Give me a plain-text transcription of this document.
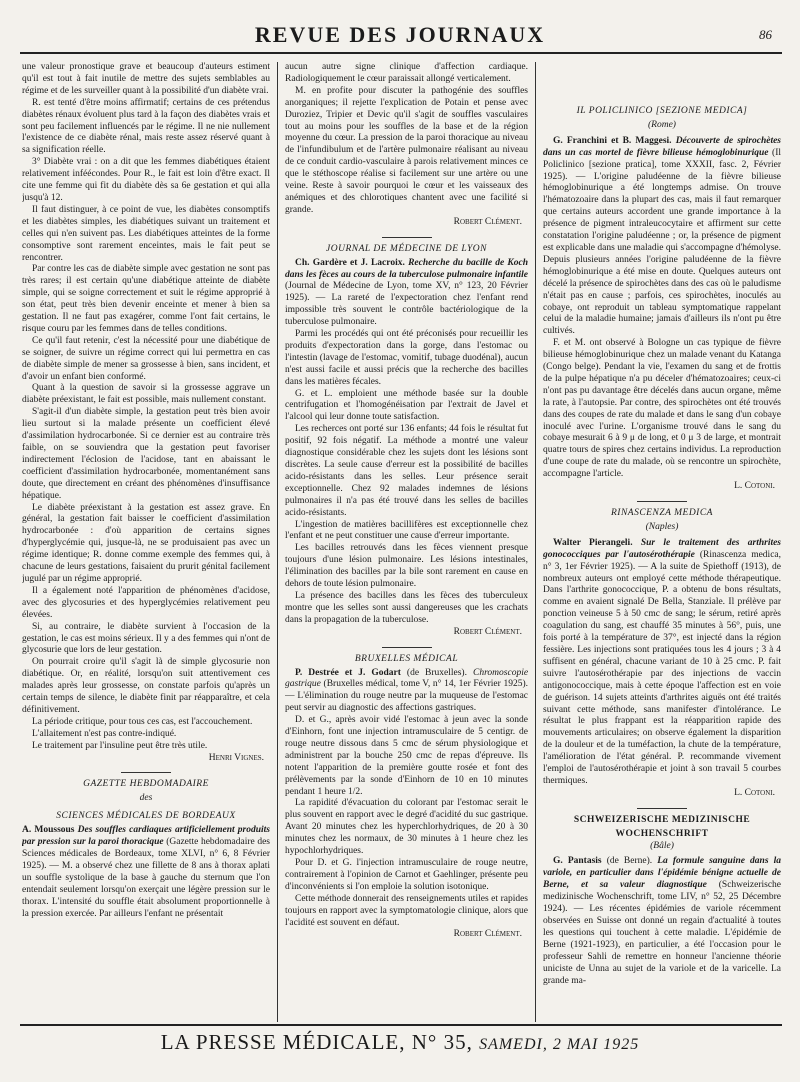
REVUE DES JOURNAUX	86

une valeur pronostique grave et beaucoup d'auteurs estiment qu'il est tout à fait inutile de mettre des sujets semblables au régime et de les surveiller quant à la possibilité d'un diabète vrai.

R. est tenté d'être moins affirmatif; certains de ces prétendus diabètes rénaux évoluent plus tard à la façon des diabètes vrais et sont peu facilement influencés par le régime. Il ne nie nullement l'existence de ce diabète rénal, mais reste assez réservé quant à sa signification réelle.

3° Diabète vrai : on a dit que les femmes diabétiques étaient relativement inféécondes. Pour R., le fait est loin d'être exact. Il cite une femme qui fit du diabète dès sa 6e gestation et qui alla jusqu'à 12.

Il faut distinguer, à ce point de vue, les diabètes consomptifs et les diabètes simples, les diabétiques suivant un traitement et celles qui n'en suivent pas. Les diabétiques atteintes de la forme consomptive sont rarement enceintes, mais le fait peut se rencontrer.

Par contre les cas de diabète simple avec gestation ne sont pas très rares; il est certain qu'une diabétique atteinte de diabète simple, qui se soigne correctement et suit le régime approprié à son état, peut très bien devenir enceinte et mener à bien sa gestation. Il ne faut pas exagérer, comme l'ont fait certains, le risque couru par les femmes dans de telles conditions.

Ce qu'il faut retenir, c'est la nécessité pour une diabétique de se soigner, de suivre un régime correct qui lui permettra en cas de diabète simple de mener sa grossesse à bien, sans incident, et d'avoir un enfant bien conformé.

Quant à la question de savoir si la grossesse aggrave un diabète préexistant, le fait est possible, mais nullement constant.

S'agit-il d'un diabète simple, la gestation peut très bien avoir lieu surtout si la malade présente un coefficient élevé d'assimilation hydrocarbonée. Si ce dernier est au contraire très faible, on se souviendra que la gestation peut favoriser indirectement l'éclosion de l'acidose, tant en abaissant le coefficient d'assimilation hydrocarbonée, momentanément sans doute, que directement en créant des phénomènes d'insuffisance hépatique.

Le diabète préexistant à la gestation est assez grave. En général, la gestation fait baisser le coefficient d'assimilation hydrocarbonée : d'où apparition de certains signes d'hyperglycémie qui, jusque-là, ne se produisaient pas avec un régime identique; R. donne comme exemple des femmes qui, à chacune de leurs gestations, faisaient du prurit génital facilement jugulé par un régime approprié.

Il a également noté l'apparition de phénomènes d'acidose, avec des glycosuries et des hyperglycémies relativement peu élevées.

Si, au contraire, le diabète survient à l'occasion de la gestation, le cas est moins sérieux. Il y a des femmes qui n'ont de glycosurie que lors de leur gestation.

On pourrait croire qu'il s'agit là de simple glycosurie non diabétique. Or, en réalité, lorsqu'on suit attentivement ces malades après leur grossesse, on constate parfois qu'après un certain temps de silence, le diabète finit par réapparaître, et cela définitivement.

La période critique, pour tous ces cas, est l'accouchement.

L'allaitement n'est pas contre-indiqué.

Le traitement par l'insuline peut être très utile.

Henri Vignes.
GAZETTE HEBDOMADAIRE
des
SCIENCES MÉDICALES DE BORDEAUX

A. Moussous Des souffles cardiaques artificiellement produits par pression sur la paroi thoracique (Gazette hebdomadaire des Sciences médicales de Bordeaux, tome XLVI, n° 6, 8 Février 1925). — M. a observé chez une fillette de 8 ans à thorax aplati un souffle systolique de la base à gauche du sternum que l'on entendait seulement lorsqu'on exerçait une légère pression sur le thorax. L'intensité du souffle était absolument proportionnelle à la pression exercée. Par ailleurs l'enfant ne présentait

aucun autre signe clinique d'affection cardiaque. Radiologiquement le cœur paraissait allongé verticalement.

M. en profite pour discuter la pathogénie des souffles anorganiques; il rejette l'explication de Potain et pense avec Duroziez, Tripier et Devic qu'il s'agit de souffles vasculaires tout au moins pour les souffles de la base et de la région moyenne du cœur. La pression de la paroi thoracique au niveau de l'infundibulum et de l'artère pulmonaire réalisant au niveau de ce conduit cardio-vasculaire à parois relativement minces ce que le stéthoscope réalise si facilement sur une artère ou une veine. Reste à savoir pourquoi le cœur et les vaisseaux des anémiques et des chlorotiques chantent avec une facilité si grande.

Robert Clément.
JOURNAL DE MÉDECINE DE LYON

Ch. Gardère et J. Lacroix. Recherche du bacille de Koch dans les fèces au cours de la tuberculose pulmonaire infantile (Journal de Médecine de Lyon, tome XV, n° 123, 20 Février 1925). — La rareté de l'expectoration chez l'enfant rend impossible très souvent le contrôle bactériologique de la tuberculose pulmonaire.

Parmi les procédés qui ont été préconisés pour recueillir les produits d'expectoration dans la gorge, dans l'estomac ou l'intestin (lavage de l'estomac, vomitif, tubage duodénal), aucun n'est aussi facile et aussi précis que la recherche des bacilles dans les matières fécales.

G. et L. emploient une méthode basée sur la double centrifugation et l'homogénéisation par l'extrait de Javel et l'alcool qui leur donne toute satisfaction.

Les recherces ont porté sur 136 enfants; 44 fois le résultat fut positif, 92 fois négatif. La méthode a montré une valeur diagnostique considérable chez les sujets dont les lésions sont discrètes. La seule cause d'erreur est la possibilité de bacilles acido-résistants dans les selles. Leur présence serait exceptionnelle. Chez 92 malades indemnes de lésions pulmonaires il n'a pas été trouvé dans les selles de bacilles acido-résistants.

L'ingestion de matières bacillifères est exceptionnelle chez l'enfant et ne peut constituer une cause d'erreur importante.

Les bacilles retrouvés dans les fèces viennent presque toujours d'une lésion pulmonaire. Les lésions intestinales, l'élimination des bacilles par la bile sont rarement en cause en dehors de toute lésion pulmonaire.

La présence des bacilles dans les fèces des tuberculeux montre que les selles sont aussi dangereuses que les crachats dans la propagation de la tuberculose.

Robert Clément.
BRUXELLES MÉDICAL

P. Destrée et J. Godart (de Bruxelles). Chromoscopie gastrique (Bruxelles médical, tome V, n° 14, 1er Février 1925). — L'élimination du rouge neutre par la muqueuse de l'estomac peut servir au diagnostic des affections gastriques.

D. et G., après avoir vidé l'estomac à jeun avec la sonde d'Einhorn, font une injection intramusculaire de 5 centigr. de rouge neutre dissous dans 5 cmc de sérum physiologique et administrent par la bouche 250 cmc de repas d'épreuve. Ils notent l'apparition de la première goutte rosée et font des prélèvements par la sonde d'Einhorn de 10 en 10 minutes pendant 1 heure 1/2.

La rapidité d'évacuation du colorant par l'estomac serait le plus souvent en rapport avec le degré d'acidité du suc gastrique. Avant 20 minutes chez les hyperchlorhydriques, de 20 à 30 minutes chez les normaux, de 30 minutes à 1 heure chez les hypochlorhydriques.

Pour D. et G. l'injection intramusculaire de rouge neutre, contrairement à l'opinion de Carnot et Gaehlinger, présente peu d'inconvénients si l'on emploie la solution isotonique.

Cette méthode donnerait des renseignements utiles et rapides toujours en rapport avec la symptomatologie clinique, alors que l'acidité est souvent en défaut.

Robert Clément.
IL POLICLINICO [SEZIONE MEDICA]
(Rome)

G. Franchini et B. Maggesi. Découverte de spirochètes dans un cas mortel de fièvre bilieuse hémoglobinurique (Il Policlinico [sezione pratica], tome XXXII, fasc. 2, Février 1925). — L'origine paludéenne de la fièvre bilieuse hémoglobinurique a été longtemps admise. On trouve l'hématozoaire dans la plupart des cas, mais il faut remarquer que certains auteurs accordent une grande importance à la présence de pigment intraleucocytaire et affirment sur cette constatation l'origine paludéenne ; or, la présence de pigment est explicable dans une maladie qui s'accompagne d'hémolyse. Depuis plusieurs années l'origine paludéenne de la fièvre hémoglobinurique a été mise en doute. Quelques auteurs ont décelé la présence de spirochètes dans des cas où le paludisme n'était pas en cause ; parfois, ces spirochètes, inoculés au cobaye, ont reproduit un tableau symptomatique rappelant celui de la maladie humaine; jamais d'ailleurs ils n'ont pu être cultivés.

F. et M. ont observé à Bologne un cas typique de fièvre bilieuse hémoglobinurique chez un malade venant du Katanga (Congo belge). Pendant la vie, l'examen du sang et de frottis de la pulpe hépatique n'a pu déceler d'hématozoaires; ceux-ci n'ont pas pu davantage être décelés dans aucun organe, même la rate, à l'autopsie. Par contre, des spirochètes ont été trouvés dans des coupes de rate du malade et dans le sang d'un cobaye inoculé avec l'urine. L'organisme trouvé dans le sang du cobaye mesurait 6 à 9 μ de long, et 0 μ 3 de large, et montrait quatre tours de spires chez certains individus. La reproduction d'une coupe de rate du malade, où se rencontre un spirochète, accompagne l'article.

L. Cotoni.
RINASCENZA MEDICA
(Naples)

Walter Pierangeli. Sur le traitement des arthrites gonococciques par l'autosérothérapie (Rinascenza medica, n° 3, 1er Février 1925). — A la suite de Spiethoff (1913), de nombreux auteurs ont employé cette méthode thérapeutique. Dans l'arthrite gonococcique, P. a obtenu de bons résultats, comme en avaient signalé De Bella, Stanziale. Il prélève par ponction veineuse 5 à 50 cmc de sang; le sérum, retiré après coagulation du sang, est chauffé 35 minutes à 56°, puis, une fois porté à la température de 37°, est injecté dans la région fessière. Les injections sont pratiquées tous les 4 jours ; 3 à 4 suffisent en général, chacune variant de 10 à 25 cmc. P. fait suivre l'autosérothérapie par des injections de vaccin antigonococcique, mais à cette époque l'affection est en voie de guérison. 14 sujets atteints d'arthrites aiguës ont été traités suivant cette méthode, sans manifester d'intolérance. Le résultat le plus frappant est la réapparition rapide des mouvements articulaires; on observe également la disparition de la douleur et de la tuméfaction, la chute de la température, l'amélioration de l'état général. P. recommande vivement l'emploi de l'autosérothérapie et joint à son travail 5 courbes thermiques.

L. Cotoni.
SCHWEIZERISCHE MEDIZINISCHE
WOCHENSCHRIFT
(Bâle)

G. Pantasis (de Berne). La formule sanguine dans la variole, en particulier dans l'épidémie bénigne actuelle de Berne, et sa valeur diagnostique (Schweizerische medizinische Wochenschrift, tome LIV, n° 52, 25 Décembre 1924). — Les récentes épidémies de variole récemment observées en Suisse ont donné un regain d'actualité à toutes les questions qui touchent à cette maladie. L'épidémie de Berne (1921-1923), en particulier, a été l'occasion pour le professeur Sahli de remettre en honneur l'ancienne théorie uniciste de Unna au sujet de la variole et de la varicelle. La grande ma-

LA PRESSE MÉDICALE, N° 35, SAMEDI, 2 MAI 1925
